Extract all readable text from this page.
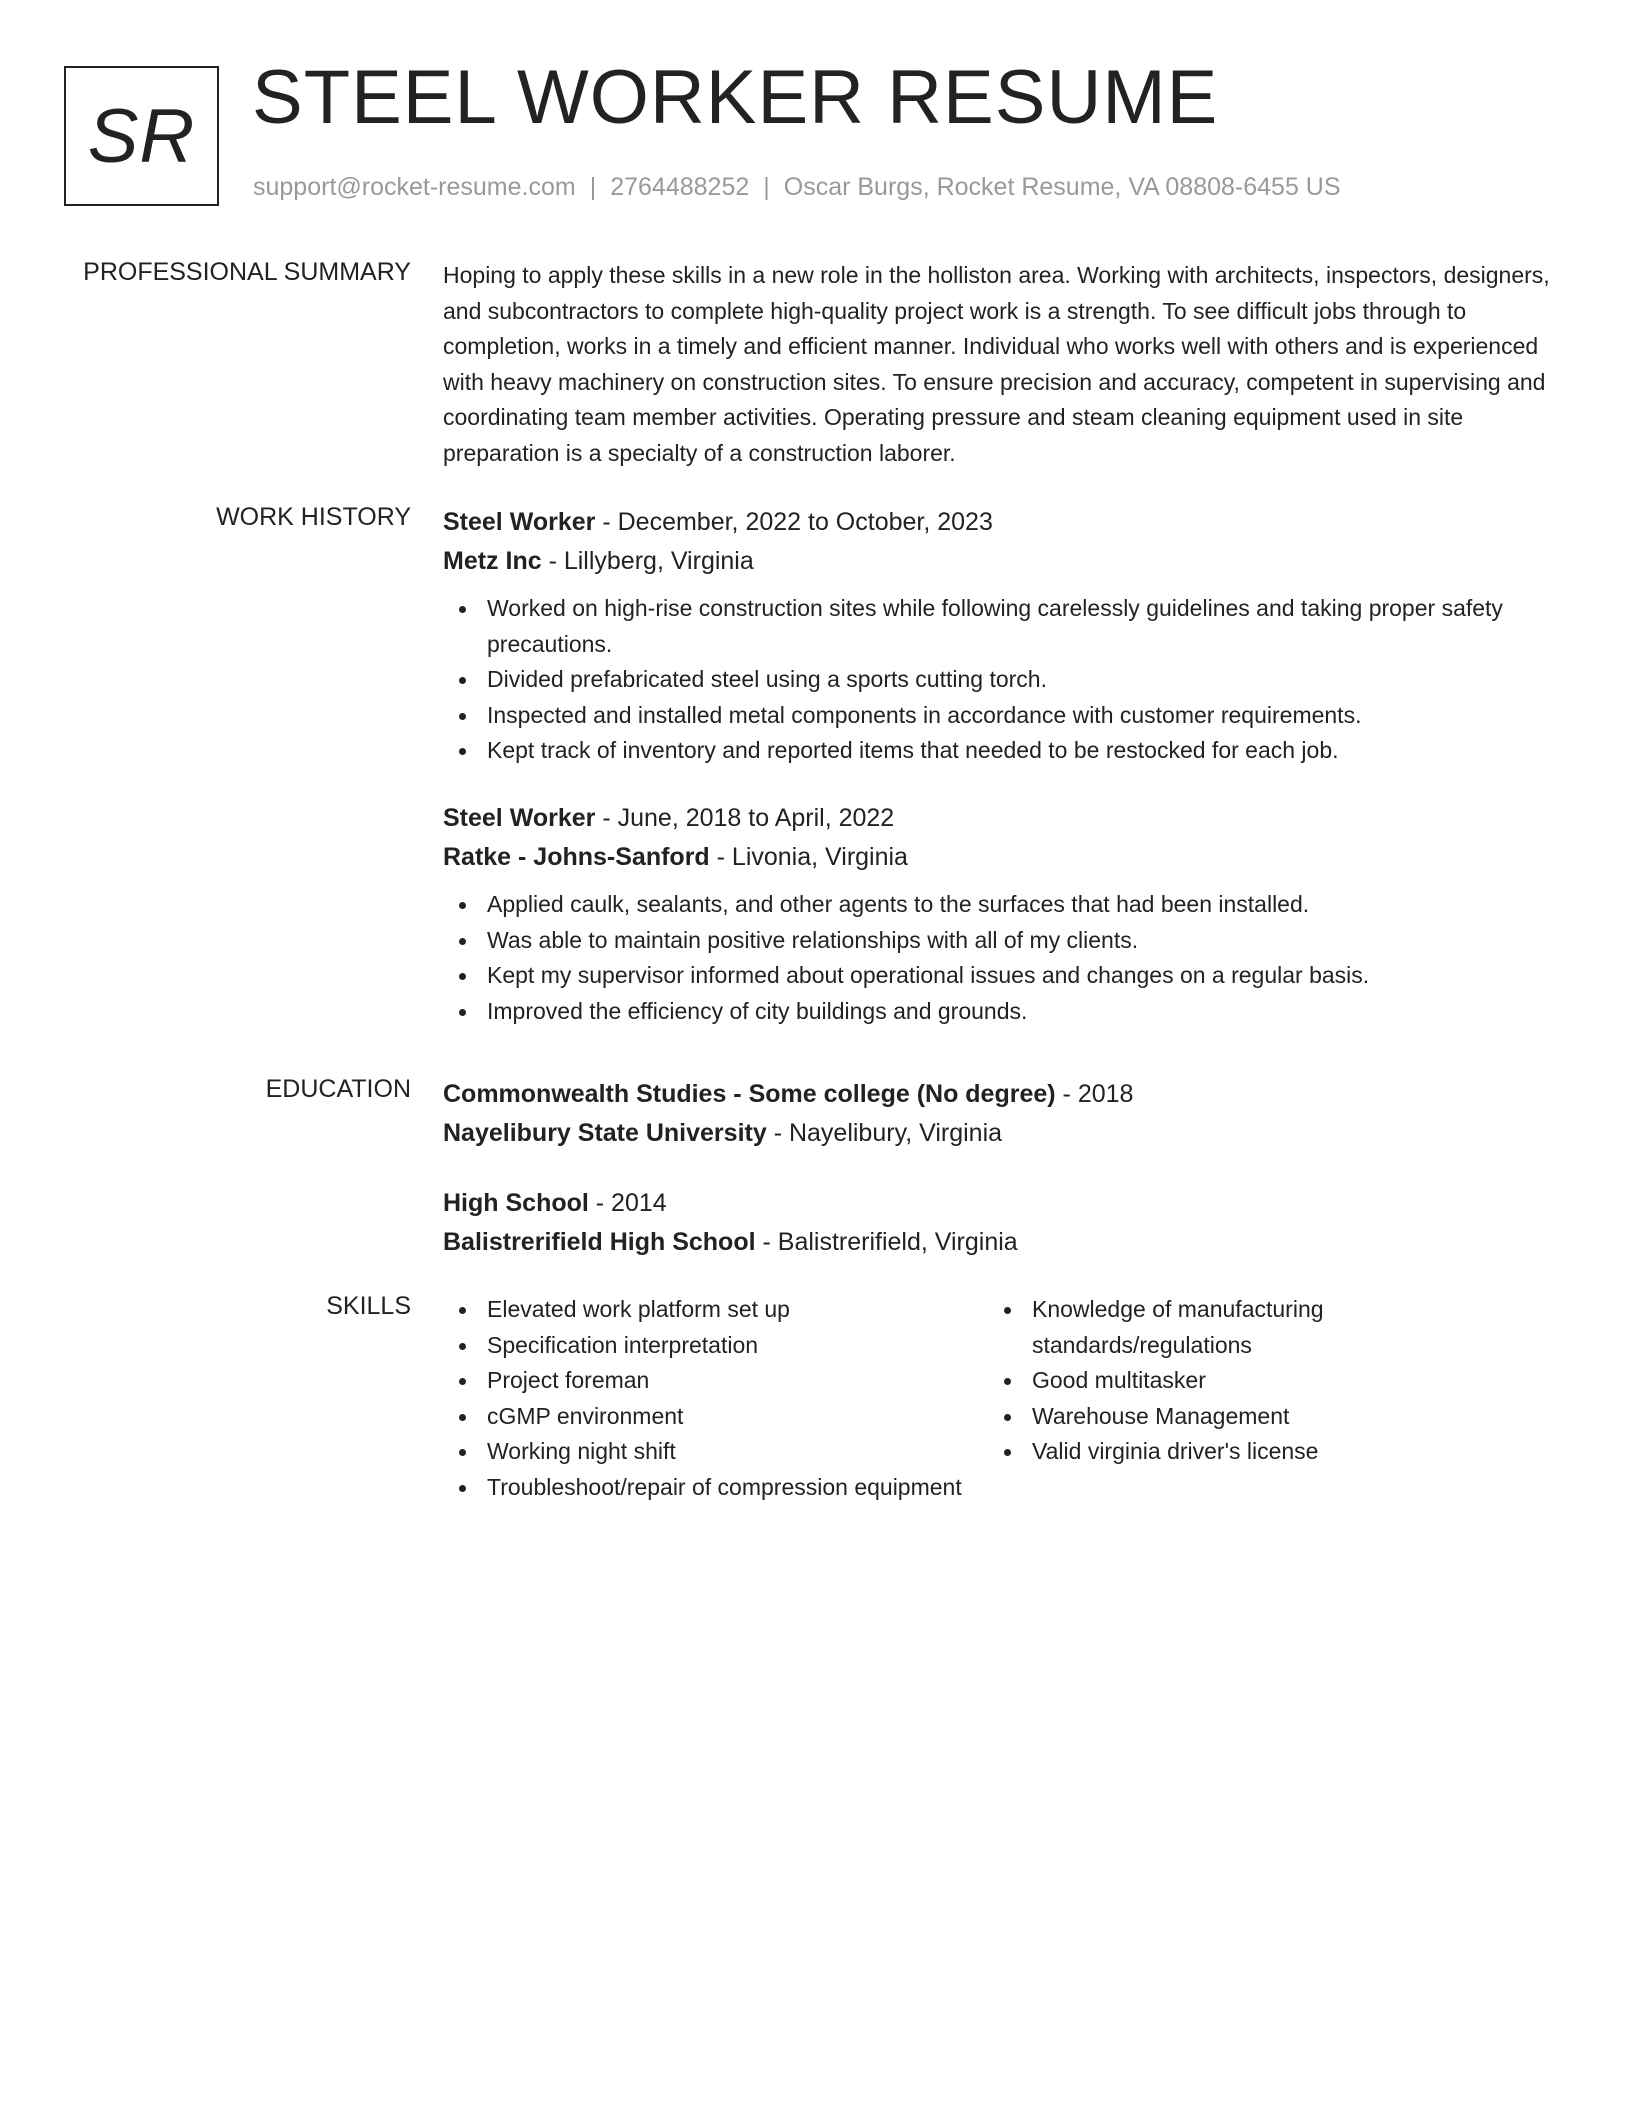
SR STEEL WORKER RESUME
support@rocket-resume.com | 2764488252 | Oscar Burgs, Rocket Resume, VA 08808-6455 US
PROFESSIONAL SUMMARY Hoping to apply these skills in a new role in the holliston area. Working with architects, inspectors, designers, and subcontractors to complete high-quality project work is a strength. To see difficult jobs through to completion, works in a timely and efficient manner. Individual who works well with others and is experienced with heavy machinery on construction sites. To ensure precision and accuracy, competent in supervising and coordinating team member activities. Operating pressure and steam cleaning equipment used in site preparation is a specialty of a construction laborer.

WORK HISTORY Steel Worker - December, 2022 to October, 2023
Metz Inc - Lillyberg, Virginia
Worked on high-rise construction sites while following carelessly guidelines and taking proper safety precautions.
Divided prefabricated steel using a sports cutting torch.
Inspected and installed metal components in accordance with customer requirements.
Kept track of inventory and reported items that needed to be restocked for each job.
Steel Worker - June, 2018 to April, 2022
Ratke - Johns-Sanford - Livonia, Virginia
Applied caulk, sealants, and other agents to the surfaces that had been installed.
Was able to maintain positive relationships with all of my clients.
Kept my supervisor informed about operational issues and changes on a regular basis.
Improved the efficiency of city buildings and grounds.
EDUCATION Commonwealth Studies - Some college (No degree) - 2018
Nayelibury State University - Nayelibury, Virginia
High School - 2014
Balistrerifield High School - Balistrerifield, Virginia
SKILLS	Elevated work platform set up
Specification interpretation
Project foreman
cGMP environment
Working night shift
Troubleshoot/repair of compression equipment
Knowledge of manufacturing standards/regulations
Good multitasker
Warehouse Management
Valid virginia driver's license
